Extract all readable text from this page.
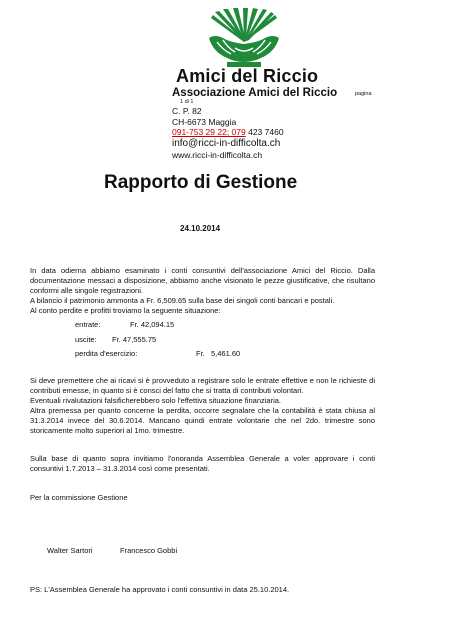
Amici del Riccio
Associazione Amici del Riccio	pagina
1 di 1
C. P. 82
CH-6673 Maggia
091-753 29 22; 079 423 7460
info@ricci-in-difficolta.ch
www.ricci-in-difficolta.ch
Rapporto di Gestione
24.10.2014
In data odierna abbiamo esaminato i conti consuntivi dell'associazione Amici del Riccio. Dalla documentazione messaci a disposizione, abbiamo anche visionato le pezze giustificative, che risultano conformi alle singole registrazioni.
A bilancio il patrimonio ammonta a Fr. 6,509.65 sulla base dei singoli conti bancari e postali.
Al conto perdite e profitti troviamo la seguente situazione:
entrate:	Fr. 42,094.15
uscite: Fr. 47,555.75
perdita d'esercizio:	Fr.   5,461.60
Si deve premettere che ai ricavi si è provveduto a registrare solo le entrate effettive e non le richieste di contributi emesse, in quanto si è consci del fatto che si tratta di contributi volontari.
Eventuali rivalutazioni falsificherebbero solo l'effettiva situazione finanziaria.
Altra premessa per quanto concerne la perdita, occorre segnalare che la contabilità è stata chiusa al 31.3.2014 invece del 30.6.2014. Mancano quindi entrate volontarie che nel 2do. trimestre sono storicamente molto superiori al 1mo. trimestre.
Sulla base di quanto sopra invitiamo l'onoranda Assemblea Generale a voler approvare i conti consuntivi 1.7.2013 – 31.3.2014 così come presentati.
Per la commissione Gestione
Walter Sartori	Francesco Gobbi
PS: L'Assemblea Generale ha approvato i conti consuntivi in data 25.10.2014.
